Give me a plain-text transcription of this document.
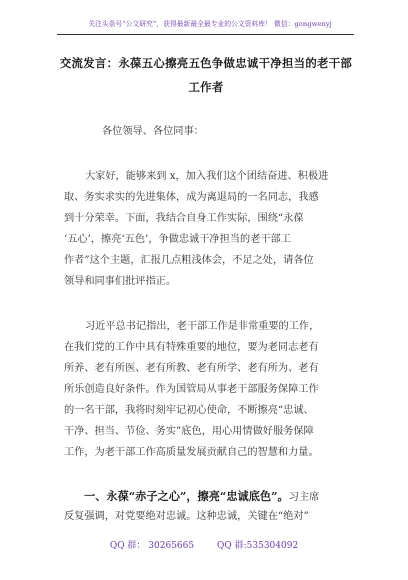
关注头条号“公文研究”，获得最新最全最专业的公文资料库！ 微信：gongwenyj
交流发言：永葆五心擦亮五色争做忠诚干净担当的老干部
工作者
各位领导、各位同事：
大家好，能够来到 x，加入我们这个团结奋进、积极进
取、务实求实的先进集体，成为离退局的一名同志，我感
到十分荣幸。下面，我结合自身工作实际，围绕“永葆
‘五心’，擦亮‘五色’，争做忠诚干净担当的老干部工
作者”这个主题，汇报几点粗浅体会，不足之处，请各位
领导和同事们批评指正。
习近平总书记指出，老干部工作是非常重要的工作，
在我们党的工作中具有特殊重要的地位，要为老同志老有
所养、老有所医、老有所教、老有所学、老有所为、老有
所乐创造良好条件。作为国管局从事老干部服务保障工作
的一名干部，我将时刻牢记初心使命，不断擦亮“忠诚、
干净、担当、节俭、务实”底色，用心用情做好服务保障
工作，为老干部工作高质量发展贡献自己的智慧和力量。
一、永葆“赤子之心”，擦亮“忠诚底色”。习主席
反复强调，对党要绝对忠诚。这种忠诚，关键在“绝对”
QQ 群： 30265665	QQ 群:535304092
